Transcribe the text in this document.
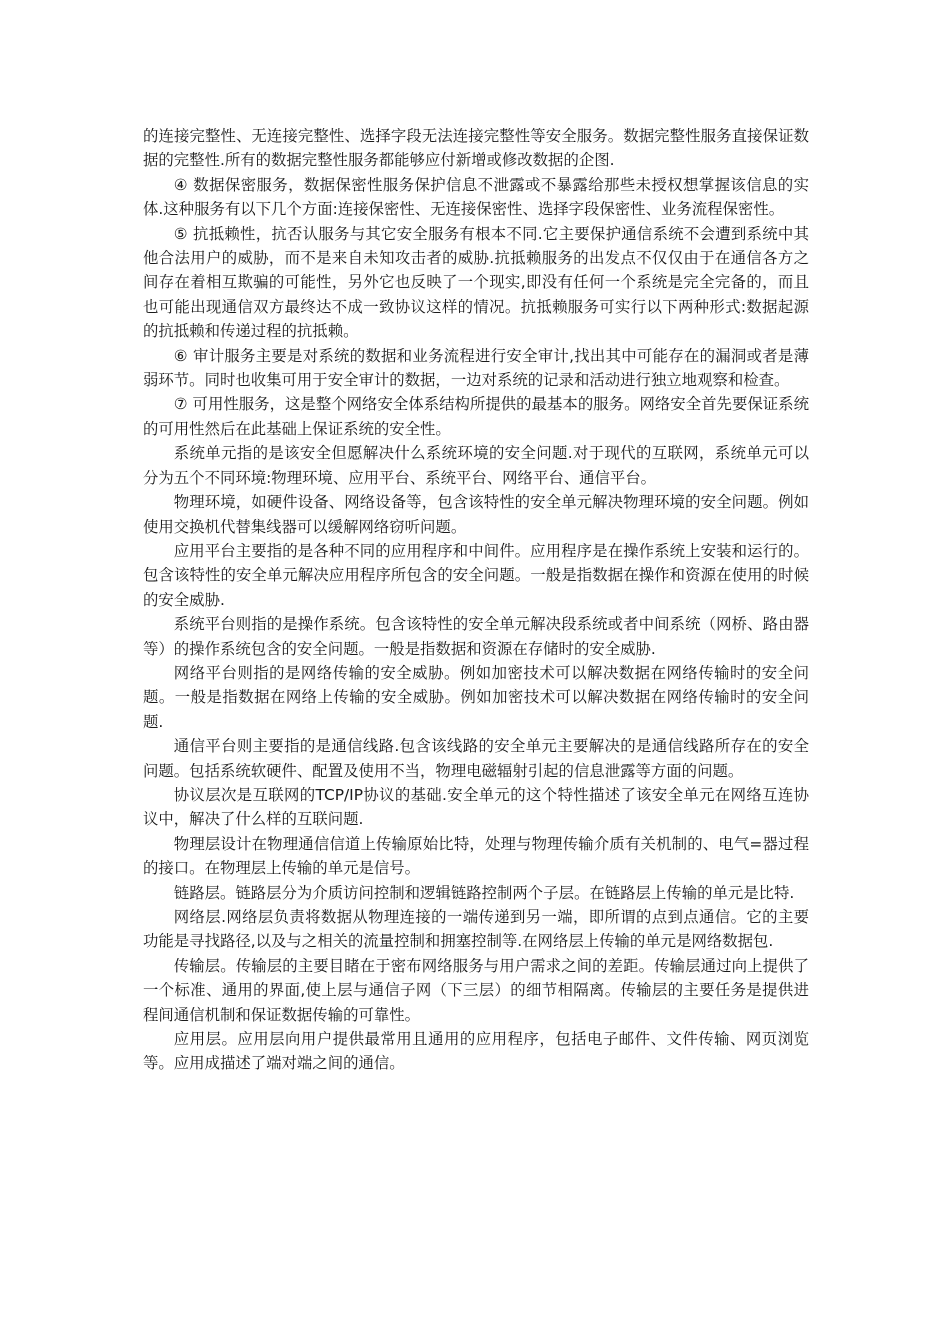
的连接完整性、无连接完整性、选择字段无法连接完整性等安全服务。数据完整性服务直接保证数据的完整性.所有的数据完整性服务都能够应付新增或修改数据的企图.

④ 数据保密服务，数据保密性服务保护信息不泄露或不暴露给那些未授权想掌握该信息的实体.这种服务有以下几个方面:连接保密性、无连接保密性、选择字段保密性、业务流程保密性。

⑤ 抗抵赖性，抗否认服务与其它安全服务有根本不同.它主要保护通信系统不会遭到系统中其他合法用户的威胁，而不是来自未知攻击者的威胁.抗抵赖服务的出发点不仅仅由于在通信各方之间存在着相互欺骗的可能性，另外它也反映了一个现实,即没有任何一个系统是完全完备的，而且也可能出现通信双方最终达不成一致协议这样的情况。抗抵赖服务可实行以下两种形式:数据起源的抗抵赖和传递过程的抗抵赖。

⑥ 审计服务主要是对系统的数据和业务流程进行安全审计,找出其中可能存在的漏洞或者是薄弱环节。同时也收集可用于安全审计的数据，一边对系统的记录和活动进行独立地观察和检查。

⑦ 可用性服务，这是整个网络安全体系结构所提供的最基本的服务。网络安全首先要保证系统的可用性然后在此基础上保证系统的安全性。

系统单元指的是该安全但愿解决什么系统环境的安全问题.对于现代的互联网，系统单元可以分为五个不同环境:物理环境、应用平台、系统平台、网络平台、通信平台。

物理环境，如硬件设备、网络设备等，包含该特性的安全单元解决物理环境的安全问题。例如使用交换机代替集线器可以缓解网络窃听问题。

应用平台主要指的是各种不同的应用程序和中间件。应用程序是在操作系统上安装和运行的。包含该特性的安全单元解决应用程序所包含的安全问题。一般是指数据在操作和资源在使用的时候的安全威胁.

系统平台则指的是操作系统。包含该特性的安全单元解决段系统或者中间系统（网桥、路由器等）的操作系统包含的安全问题。一般是指数据和资源在存储时的安全威胁.

网络平台则指的是网络传输的安全威胁。例如加密技术可以解决数据在网络传输时的安全问题。一般是指数据在网络上传输的安全威胁。例如加密技术可以解决数据在网络传输时的安全问题.

通信平台则主要指的是通信线路.包含该线路的安全单元主要解决的是通信线路所存在的安全问题。包括系统软硬件、配置及使用不当，物理电磁辐射引起的信息泄露等方面的问题。

协议层次是互联网的TCP/IP协议的基础.安全单元的这个特性描述了该安全单元在网络互连协议中，解决了什么样的互联问题.

物理层设计在物理通信信道上传输原始比特，处理与物理传输介质有关机制的、电气=器过程的接口。在物理层上传输的单元是信号。

链路层。链路层分为介质访问控制和逻辑链路控制两个子层。在链路层上传输的单元是比特.

网络层.网络层负责将数据从物理连接的一端传递到另一端，即所谓的点到点通信。它的主要功能是寻找路径,以及与之相关的流量控制和拥塞控制等.在网络层上传输的单元是网络数据包.

传输层。传输层的主要目睹在于密布网络服务与用户需求之间的差距。传输层通过向上提供了一个标准、通用的界面,使上层与通信子网（下三层）的细节相隔离。传输层的主要任务是提供进程间通信机制和保证数据传输的可靠性。

应用层。应用层向用户提供最常用且通用的应用程序，包括电子邮件、文件传输、网页浏览等。应用成描述了端对端之间的通信。
